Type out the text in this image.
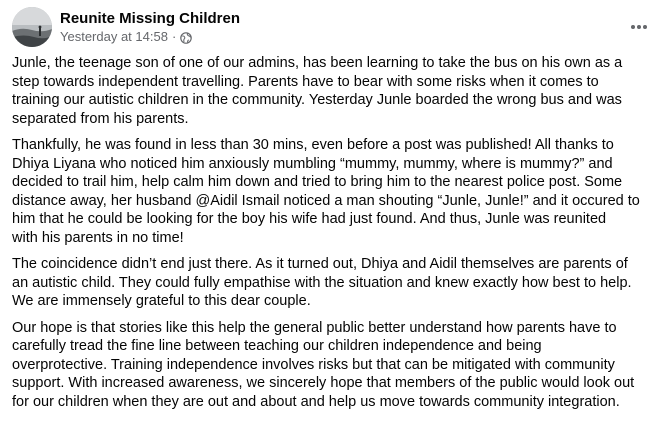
Reunite Missing Children
Yesterday at 14:58 ·

Junle, the teenage son of one of our admins, has been learning to take the bus on his own as a
step towards independent travelling. Parents have to bear with some risks when it comes to
training our autistic children in the community. Yesterday Junle boarded the wrong bus and was
separated from his parents.

Thankfully, he was found in less than 30 mins, even before a post was published! All thanks to
Dhiya Liyana who noticed him anxiously mumbling “mummy, mummy, where is mummy?” and
decided to trail him, help calm him down and tried to bring him to the nearest police post. Some
distance away, her husband @Aidil Ismail noticed a man shouting “Junle, Junle!” and it occured to
him that he could be looking for the boy his wife had just found. And thus, Junle was reunited
with his parents in no time!

The coincidence didn’t end just there. As it turned out, Dhiya and Aidil themselves are parents of
an autistic child. They could fully empathise with the situation and knew exactly how best to help.
We are immensely grateful to this dear couple.

Our hope is that stories like this help the general public better understand how parents have to
carefully tread the fine line between teaching our children independence and being
overprotective. Training independence involves risks but that can be mitigated with community
support. With increased awareness, we sincerely hope that members of the public would look out
for our children when they are out and about and help us move towards community integration.
